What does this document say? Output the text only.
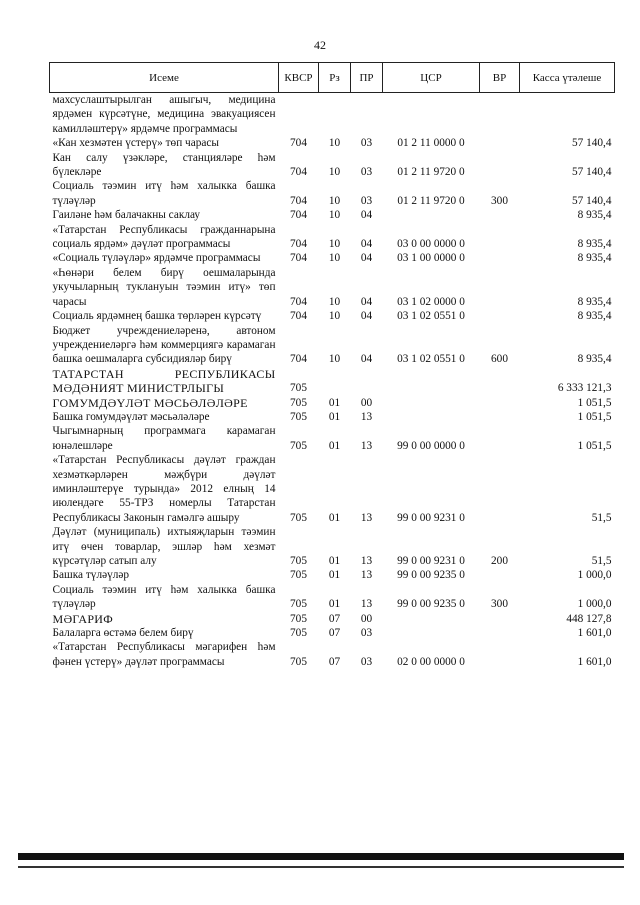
42
Исеме	КВСР	Рз	ПР	ЦСР	ВР	Касса үтәлеше
махсуслаштырылган ашыгыч, медицина ярдәмен күрсәтүне, медицина эвакуациясен камилләштерү» ярдәмче программасы						
«Кан хезмәтен үстерү» төп чарасы	704	10	03	01 2 11 0000 0		57 140,4
Кан салу үзәкләре, станцияләре һәм бүлекләре	704	10	03	01 2 11 9720 0		57 140,4
Социаль тәэмин итү һәм халыкка башка түләүләр	704	10	03	01 2 11 9720 0	300	57 140,4
Гаиләне һәм балачакны саклау	704	10	04			8 935,4
«Татарстан Республикасы гражданнарына социаль ярдәм» дәүләт программасы	704	10	04	03 0 00 0000 0		8 935,4
«Социаль түләүләр» ярдәмче программасы	704	10	04	03 1 00 0000 0		8 935,4
«Һөнәри белем бирү оешмаларында укучыларның туклануын тәэмин итү» төп чарасы	704	10	04	03 1 02 0000 0		8 935,4
Социаль ярдәмнең башка төрләрен күрсәтү	704	10	04	03 1 02 0551 0		8 935,4
Бюджет учреждениеләренә, автоном учреждениеләргә һәм коммерциягә карамаган башка оешмаларга субсидияләр бирү	704	10	04	03 1 02 0551 0	600	8 935,4
ТАТАРСТАН РЕСПУБЛИКАСЫ МӘДӘНИЯТ МИНИСТРЛЫГЫ	705					6 333 121,3
ГОМУМДӘҮЛӘТ МӘСЬӘЛӘЛӘРЕ	705	01	00			1 051,5
Башка гомумдәүләт мәсьәләләре	705	01	13			1 051,5
Чыгымнарның программага карамаган юнәлешләре	705	01	13	99 0 00 0000 0		1 051,5
«Татарстан Республикасы дәүләт граждан хезмәткәрләрен мәҗбүри дәүләт иминләштерүе турында» 2012 елның 14 июлендәге 55-ТРЗ номерлы Татарстан Республикасы Законын гамәлгә ашыру	705	01	13	99 0 00 9231 0		51,5
Дәүләт (муниципаль) ихтыяҗларын тәэмин итү өчен товарлар, эшләр һәм хезмәт күрсәтүләр сатып алу	705	01	13	99 0 00 9231 0	200	51,5
Башка түләүләр	705	01	13	99 0 00 9235 0		1 000,0
Социаль тәэмин итү һәм халыкка башка түләүләр	705	01	13	99 0 00 9235 0	300	1 000,0
МӘГАРИФ	705	07	00			448 127,8
Балаларга өстәмә белем бирү	705	07	03			1 601,0
«Татарстан Республикасы мәгарифен һәм фәнен үстерү» дәүләт программасы	705	07	03	02 0 00 0000 0		1 601,0
